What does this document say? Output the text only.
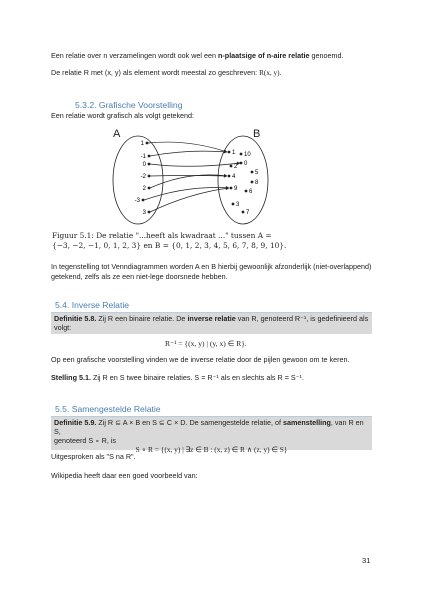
Een relatie over n verzamelingen wordt ook wel een n-plaatsige of n-aire relatie genoemd.
De relatie R met (x, y) als element wordt meestal zo geschreven: R(x, y).
5.3.2. Grafische Voorstelling
Een relatie wordt grafisch als volgt getekend:
A	B
1
-1
0
-2
2
-3
3
10
1
2 0
4
9
3
5
6
8
7
Figuur 5.1: De relatie "...heeft als kwadraat ..." tussen A =
{−3, −2, −1, 0, 1, 2, 3} en B = {0, 1, 2, 3, 4, 5, 6, 7, 8, 9, 10}.
In tegenstelling tot Venndiagrammen worden A en B hierbij gewoonlijk afzonderlijk (niet-overlappend)
getekend, zelfs als ze een niet-lege doorsnede hebben.
5.4. Inverse Relatie
Definitie 5.8. Zij R een binaire relatie. De inverse relatie van R, genoteerd R⁻¹, is gedefinieerd als
volgt:
R⁻¹ = {(x, y) | (y, x) ∈ R}.
Op een grafische voorstelling vinden we de inverse relatie door de pijlen gewoon om te keren.
Stelling 5.1. Zij R en S twee binaire relaties. S = R⁻¹ als en slechts als R = S⁻¹.
5.5. Samengestelde Relatie
Definitie 5.9. Zij R ⊆ A × B en S ⊆ C × D. De samengestelde relatie, of samenstelling, van R en S,
genoteerd S ∘ R, is
S ∘ R = {(x, y) | ∃z ∈ B : (x, z) ∈ R ∧ (z, y) ∈ S}
Uitgesproken als "S na R".
Wikipedia heeft daar een goed voorbeeld van:
31
